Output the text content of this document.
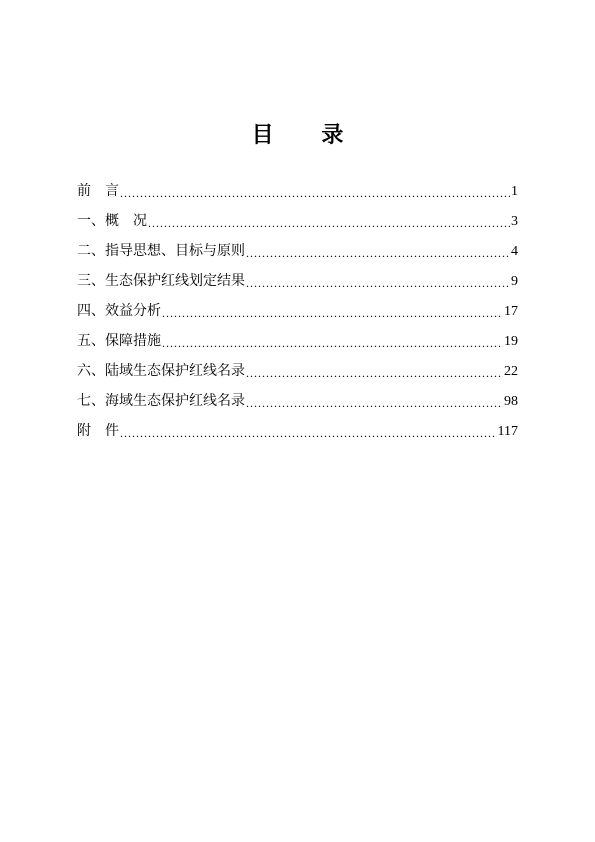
目 录
前　言 .....	1
一、概　况 .....	3
二、指导思想、目标与原则 .....	4
三、生态保护红线划定结果 .....	9
四、效益分析 .....	17
五、保障措施 .....	19
六、陆域生态保护红线名录 .....	22
七、海域生态保护红线名录 .....	98
附　件 .....	117
